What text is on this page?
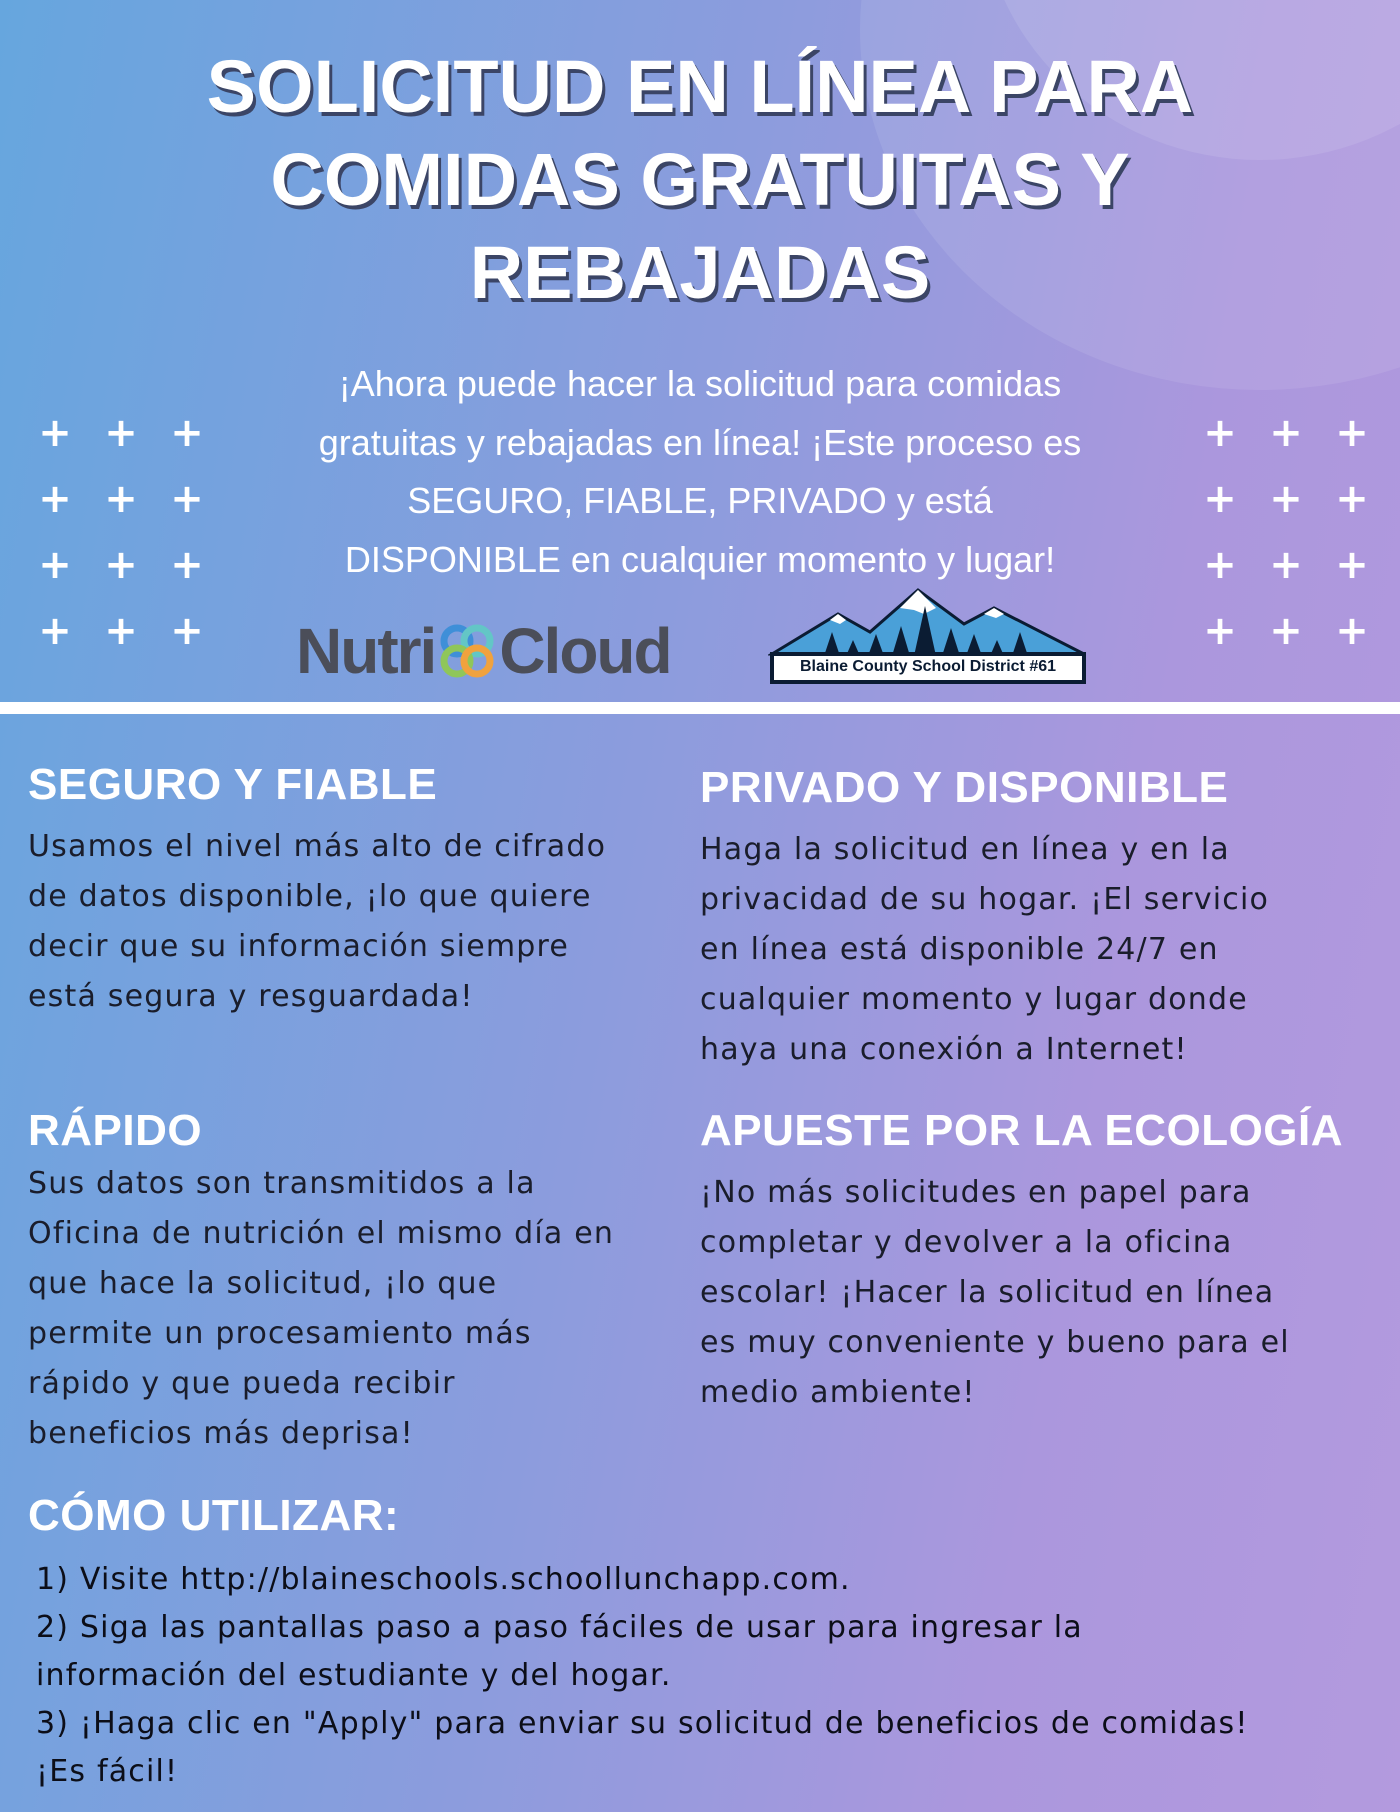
SOLICITUD EN LÍNEA PARA
COMIDAS GRATUITAS Y
REBAJADAS
¡Ahora puede hacer la solicitud para comidas
gratuitas y rebajadas en línea! ¡Este proceso es
SEGURO, FIABLE, PRIVADO y está
DISPONIBLE en cualquier momento y lugar!
+ + +
+ + +
+ + +
+ + +
+ + +
+ + +
+ + +
+ + +
Nutri Cloud	Blaine County School District #61
SEGURO Y FIABLE
Usamos el nivel más alto de cifrado
de datos disponible, ¡lo que quiere
decir que su información siempre
está segura y resguardada!
PRIVADO Y DISPONIBLE
Haga la solicitud en línea y en la
privacidad de su hogar. ¡El servicio
en línea está disponible 24/7 en
cualquier momento y lugar donde
haya una conexión a Internet!
RÁPIDO
Sus datos son transmitidos a la
Oficina de nutrición el mismo día en
que hace la solicitud, ¡lo que
permite un procesamiento más
rápido y que pueda recibir
beneficios más deprisa!
APUESTE POR LA ECOLOGÍA
¡No más solicitudes en papel para
completar y devolver a la oficina
escolar! ¡Hacer la solicitud en línea
es muy conveniente y bueno para el
medio ambiente!
CÓMO UTILIZAR:
1) Visite http://blaineschools.schoollunchapp.com.
2) Siga las pantallas paso a paso fáciles de usar para ingresar la
información del estudiante y del hogar.
3) ¡Haga clic en "Apply" para enviar su solicitud de beneficios de comidas!
¡Es fácil!
